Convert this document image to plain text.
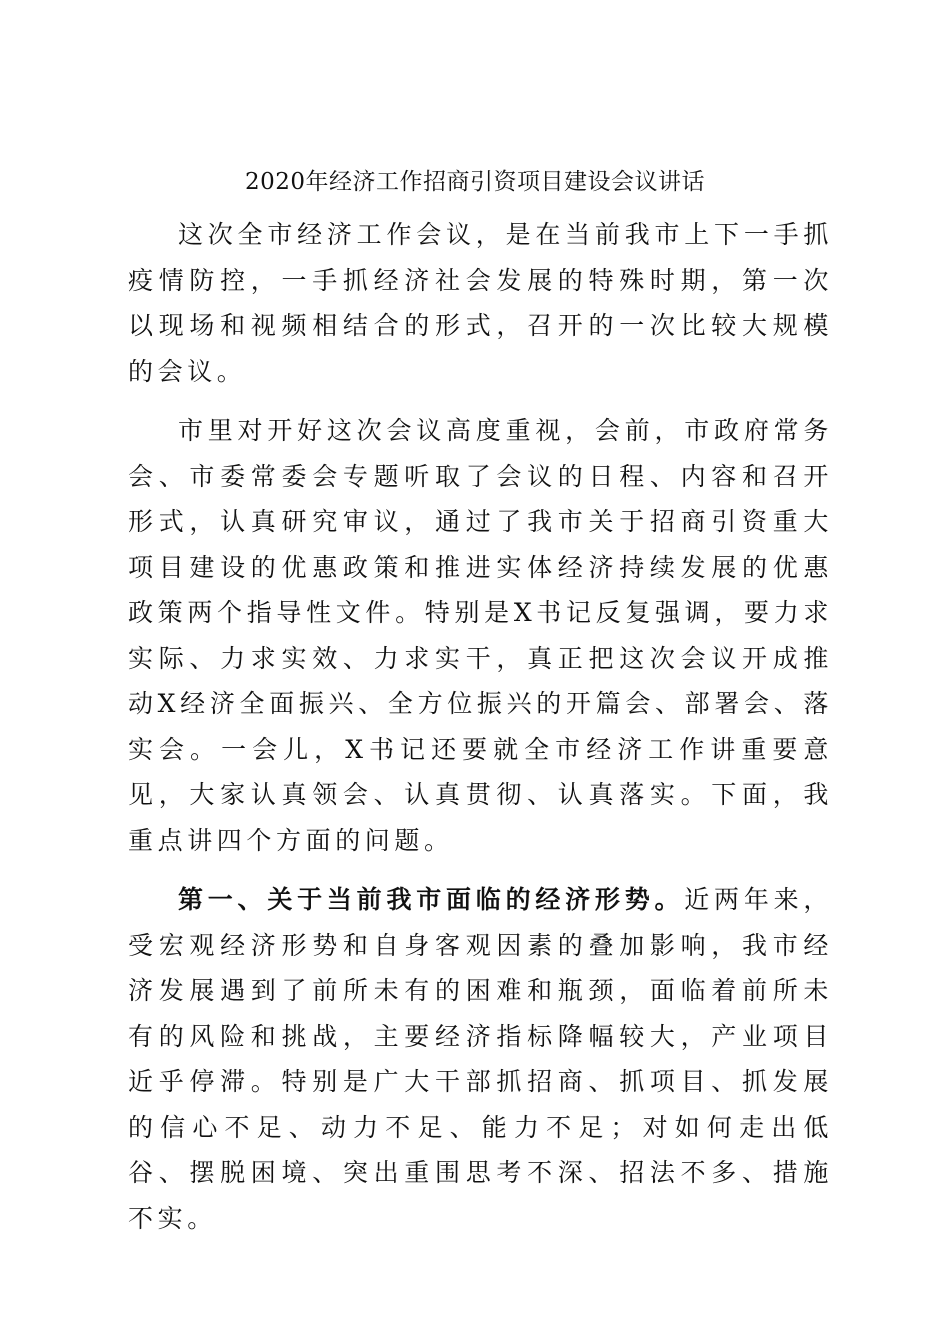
2020年经济工作招商引资项目建设会议讲话

这次全市经济工作会议，是在当前我市上下一手抓疫情防控，一手抓经济社会发展的特殊时期，第一次以现场和视频相结合的形式，召开的一次比较大规模的会议。

市里对开好这次会议高度重视，会前，市政府常务会、市委常委会专题听取了会议的日程、内容和召开形式，认真研究审议，通过了我市关于招商引资重大项目建设的优惠政策和推进实体经济持续发展的优惠政策两个指导性文件。特别是X书记反复强调，要力求实际、力求实效、力求实干，真正把这次会议开成推动X经济全面振兴、全方位振兴的开篇会、部署会、落实会。一会儿，X书记还要就全市经济工作讲重要意见，大家认真领会、认真贯彻、认真落实。下面，我重点讲四个方面的问题。

第一、关于当前我市面临的经济形势。近两年来，受宏观经济形势和自身客观因素的叠加影响，我市经济发展遇到了前所未有的困难和瓶颈，面临着前所未有的风险和挑战，主要经济指标降幅较大，产业项目近乎停滞。特别是广大干部抓招商、抓项目、抓发展的信心不足、动力不足、能力不足；对如何走出低谷、摆脱困境、突出重围思考不深、招法不多、措施不实。
